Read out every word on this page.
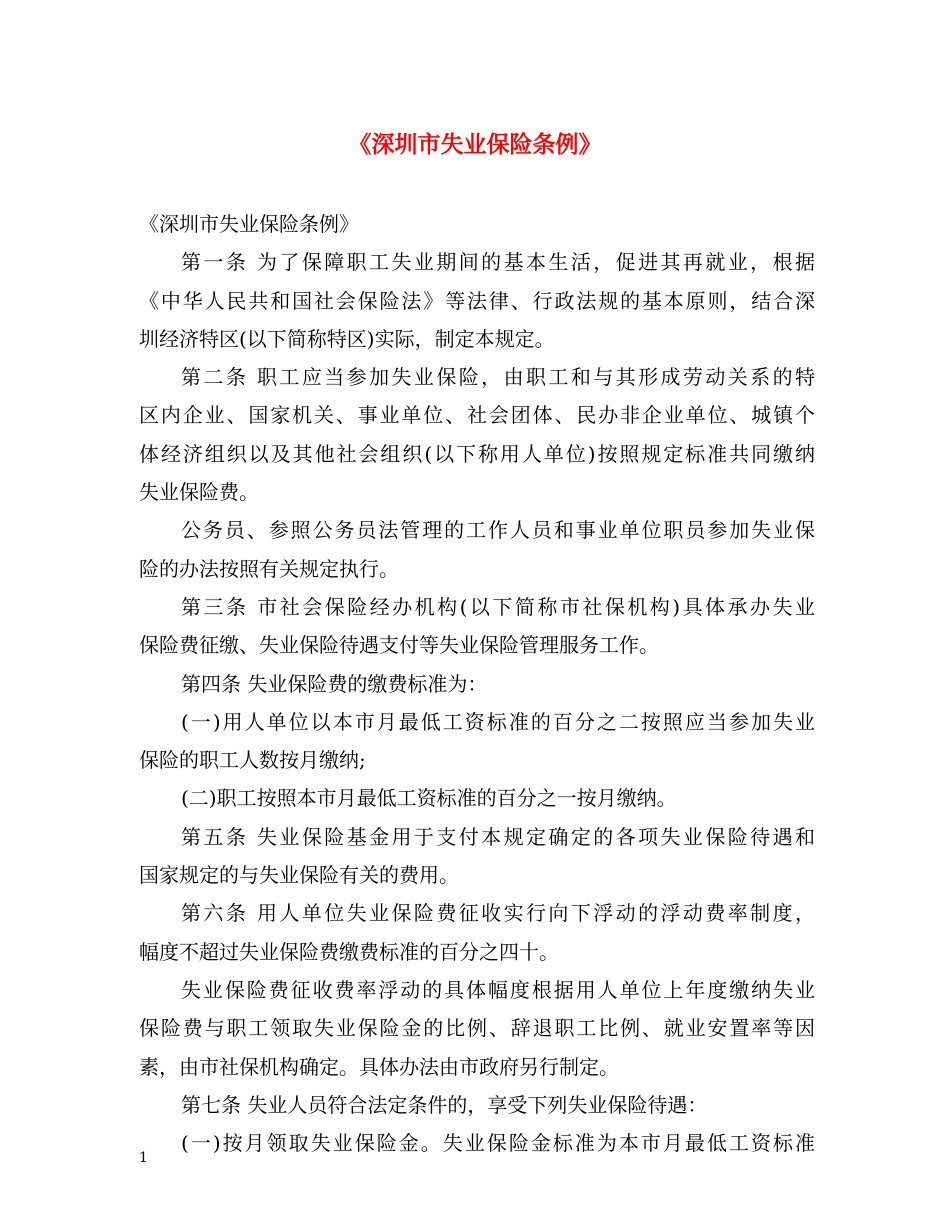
《深圳市失业保险条例》
《深圳市失业保险条例》
第一条 为了保障职工失业期间的基本生活，促进其再就业，根据
《中华人民共和国社会保险法》等法律、行政法规的基本原则，结合深
圳经济特区(以下简称特区)实际，制定本规定。
第二条 职工应当参加失业保险，由职工和与其形成劳动关系的特
区内企业、国家机关、事业单位、社会团体、民办非企业单位、城镇个
体经济组织以及其他社会组织(以下称用人单位)按照规定标准共同缴纳
失业保险费。
公务员、参照公务员法管理的工作人员和事业单位职员参加失业保
险的办法按照有关规定执行。
第三条 市社会保险经办机构(以下简称市社保机构)具体承办失业
保险费征缴、失业保险待遇支付等失业保险管理服务工作。
第四条 失业保险费的缴费标准为：
(一)用人单位以本市月最低工资标准的百分之二按照应当参加失业
保险的职工人数按月缴纳;
(二)职工按照本市月最低工资标准的百分之一按月缴纳。
第五条 失业保险基金用于支付本规定确定的各项失业保险待遇和
国家规定的与失业保险有关的费用。
第六条 用人单位失业保险费征收实行向下浮动的浮动费率制度，
幅度不超过失业保险费缴费标准的百分之四十。
失业保险费征收费率浮动的具体幅度根据用人单位上年度缴纳失业
保险费与职工领取失业保险金的比例、辞退职工比例、就业安置率等因
素，由市社保机构确定。具体办法由市政府另行制定。
第七条 失业人员符合法定条件的，享受下列失业保险待遇：
(一)按月领取失业保险金。失业保险金标准为本市月最低工资标准
1
